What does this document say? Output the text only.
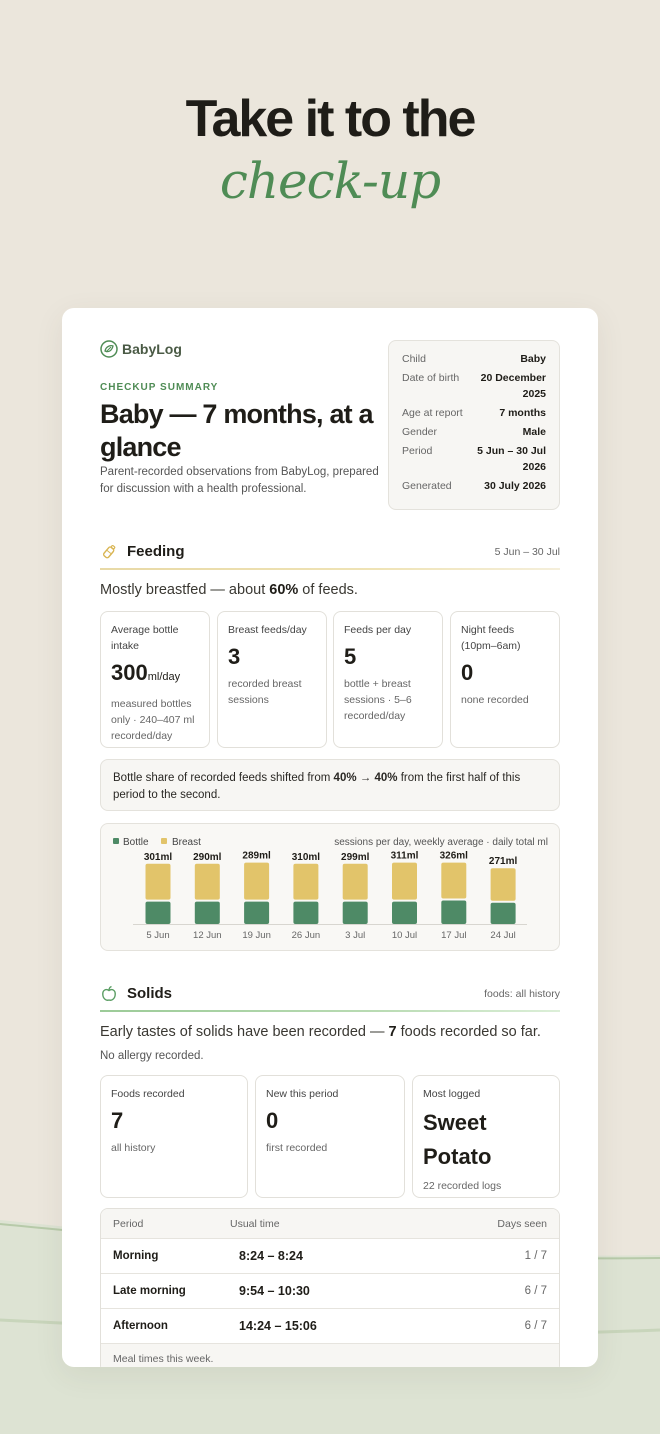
Take it to the
check-up
BabyLog
CHECKUP SUMMARY
Baby — 7 months, at a glance
Parent-recorded observations from BabyLog, prepared for discussion with a health professional.
Child	Baby
Date of birth	20 December 2025
Age at report	7 months
Gender	Male
Period	5 Jun – 30 Jul 2026
Generated	30 July 2026
Feeding	5 Jun – 30 Jul
Mostly breastfed — about 60% of feeds.
Average bottle intake
300ml/day
measured bottles only · 240–407 ml recorded/day
Breast feeds/day
3
recorded breast sessions
Feeds per day
5
bottle + breast sessions · 5–6 recorded/day
Night feeds (10pm–6am)
0
none recorded
Bottle share of recorded feeds shifted from 40% → 40% from the first half of this period to the second.
Bottle Breast	sessions per day, weekly average · daily total ml
301ml
5 Jun
290ml
12 Jun
289ml
19 Jun
310ml
26 Jun
299ml
3 Jul
311ml
10 Jul
326ml
17 Jul
271ml
24 Jul
Solids	foods: all history
Early tastes of solids have been recorded — 7 foods recorded so far.
No allergy recorded.
Foods recorded
7
all history
New this period
0
first recorded
Most logged
Sweet Potato
22 recorded logs
Period	Usual time	Days seen
Morning	8:24 – 8:24	1 / 7
Late morning	9:54 – 10:30	6 / 7
Afternoon	14:24 – 15:06	6 / 7
Meal times this week.
